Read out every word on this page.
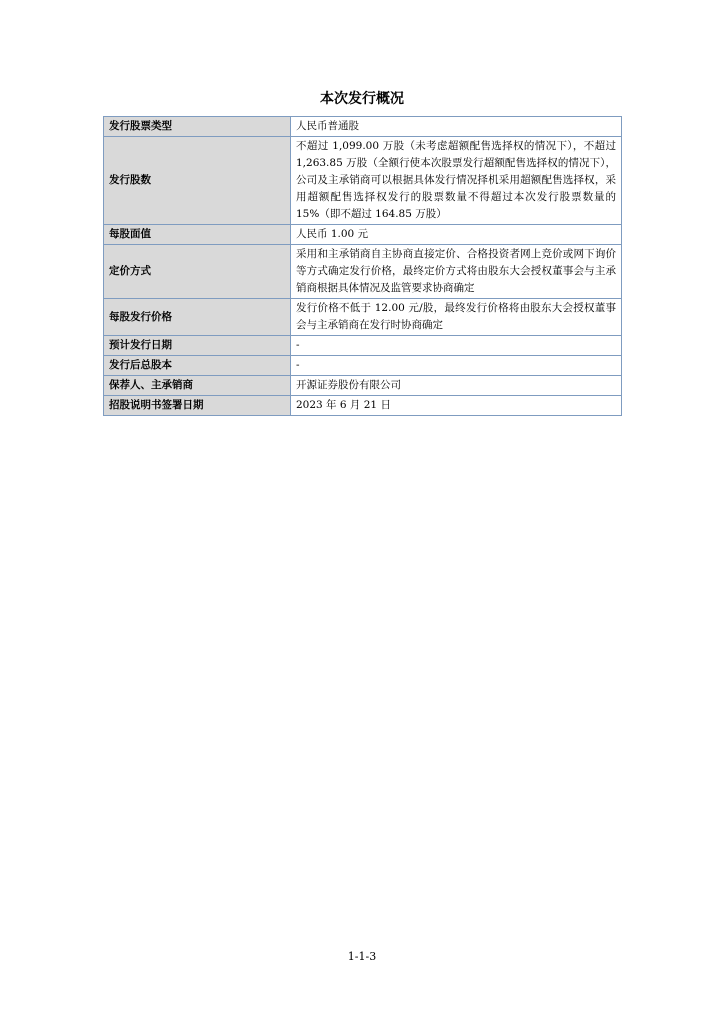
本次发行概况
发行股票类型	人民币普通股
发行股数	不超过 1,099.00 万股（未考虑超额配售选择权的情况下），不超过 1,263.85 万股（全额行使本次股票发行超额配售选择权的情况下），公司及主承销商可以根据具体发行情况择机采用超额配售选择权，采用超额配售选择权发行的股票数量不得超过本次发行股票数量的 15%（即不超过 164.85 万股）
每股面值	人民币 1.00 元
定价方式	采用和主承销商自主协商直接定价、合格投资者网上竞价或网下询价等方式确定发行价格，最终定价方式将由股东大会授权董事会与主承销商根据具体情况及监管要求协商确定
每股发行价格	发行价格不低于 12.00 元/股，最终发行价格将由股东大会授权董事会与主承销商在发行时协商确定
预计发行日期	-
发行后总股本	-
保荐人、主承销商	开源证券股份有限公司
招股说明书签署日期	2023 年 6 月 21 日
1-1-3
